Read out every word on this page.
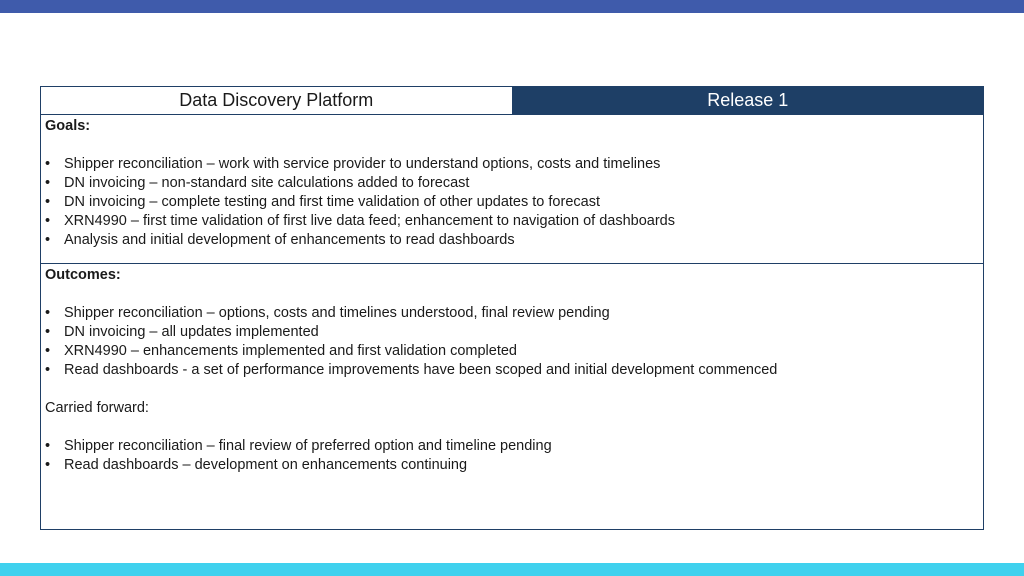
Data Discovery Platform	Release 1
Goals:
• Shipper reconciliation – work with service provider to understand options, costs and timelines
• DN invoicing – non-standard site calculations added to forecast
• DN invoicing – complete testing and first time validation of other updates to forecast
• XRN4990 – first time validation of first live data feed; enhancement to navigation of dashboards
• Analysis and initial development of enhancements to read dashboards
Outcomes:
• Shipper reconciliation – options, costs and timelines understood, final review pending
• DN invoicing – all updates implemented
• XRN4990 – enhancements implemented and first validation completed
• Read dashboards - a set of performance improvements have been scoped and initial development commenced
Carried forward:
• Shipper reconciliation – final review of preferred option and timeline pending
• Read dashboards – development on enhancements continuing
